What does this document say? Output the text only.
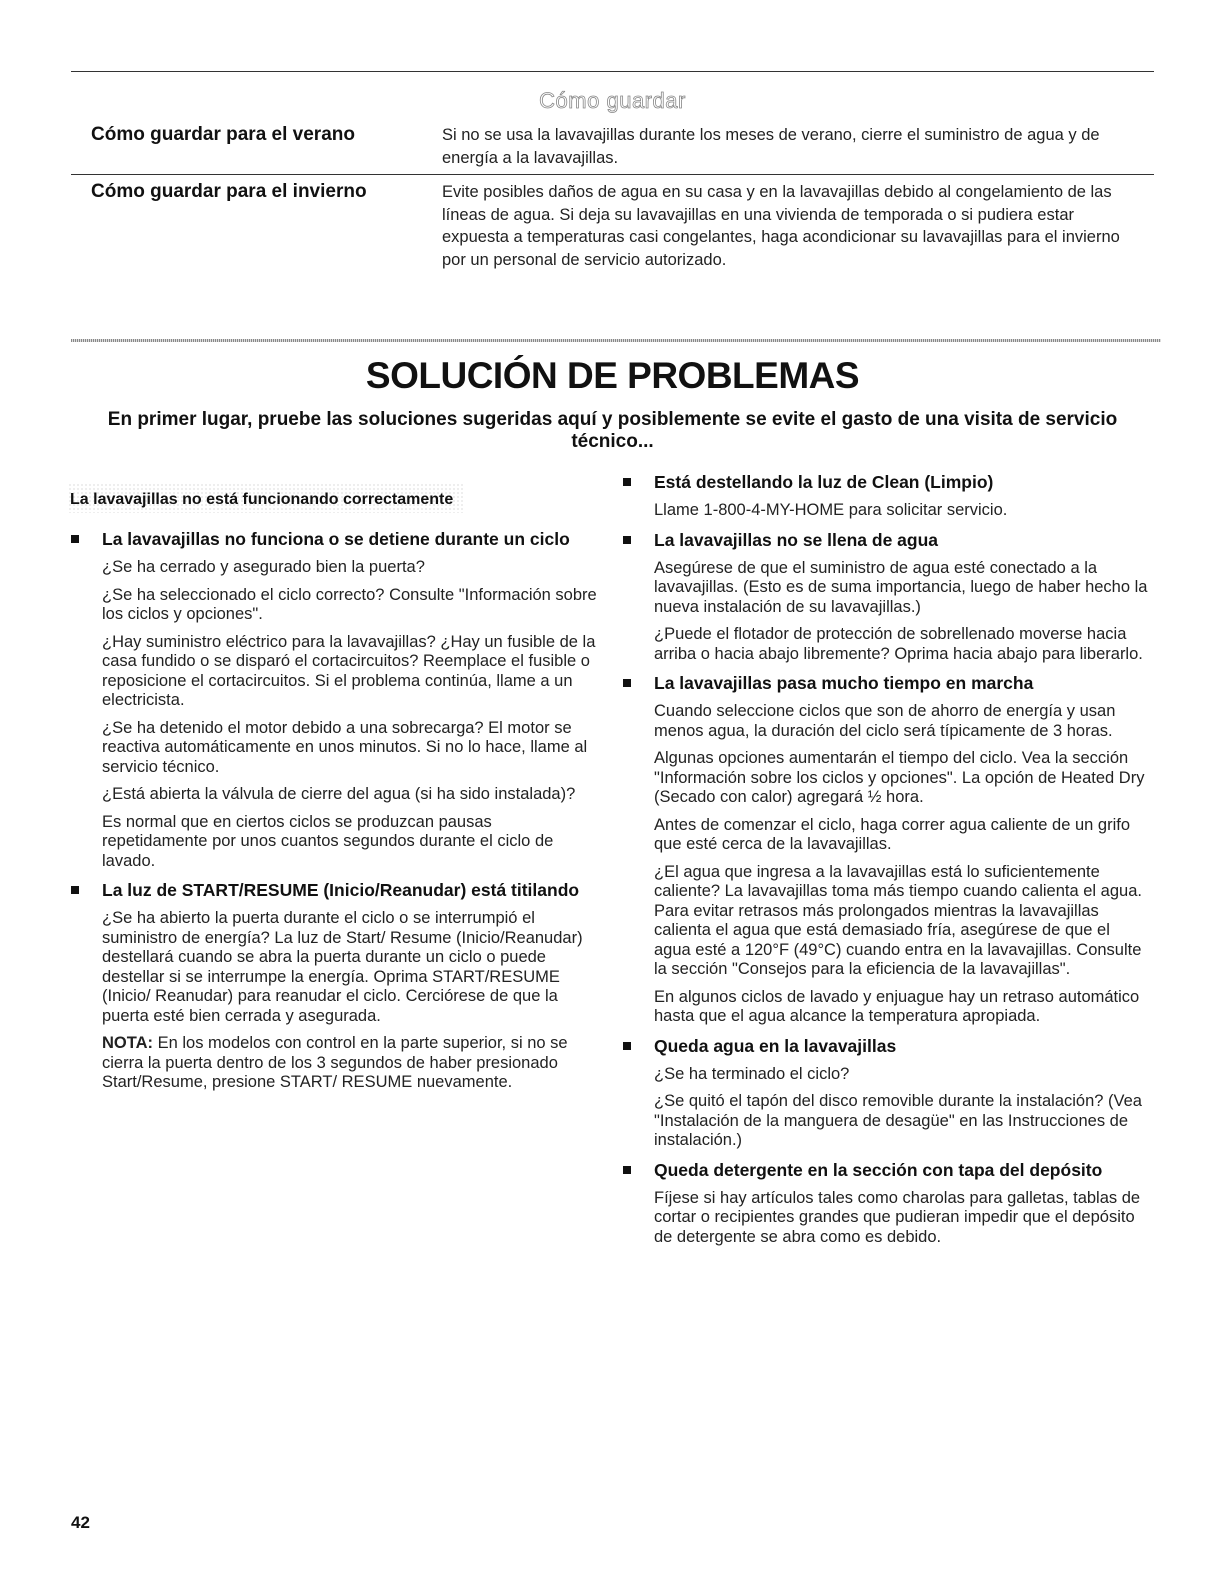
Cómo guardar
Cómo guardar para el verano	Si no se usa la lavavajillas durante los meses de verano, cierre el suministro de agua y de energía a la lavavajillas.
Cómo guardar para el invierno	Evite posibles daños de agua en su casa y en la lavavajillas debido al congelamiento de las líneas de agua. Si deja su lavavajillas en una vivienda de temporada o si pudiera estar expuesta a temperaturas casi congelantes, haga acondicionar su lavavajillas para el invierno por un personal de servicio autorizado.
SOLUCIÓN DE PROBLEMAS
En primer lugar, pruebe las soluciones sugeridas aquí y posiblemente se evite el gasto de una visita de servicio técnico...
La lavavajillas no está funcionando correctamente
La lavavajillas no funciona o se detiene durante un ciclo

¿Se ha cerrado y asegurado bien la puerta?

¿Se ha seleccionado el ciclo correcto? Consulte "Información sobre los ciclos y opciones".

¿Hay suministro eléctrico para la lavavajillas? ¿Hay un fusible de la casa fundido o se disparó el cortacircuitos? Reemplace el fusible o reposicione el cortacircuitos. Si el problema continúa, llame a un electricista.

¿Se ha detenido el motor debido a una sobrecarga? El motor se reactiva automáticamente en unos minutos. Si no lo hace, llame al servicio técnico.

¿Está abierta la válvula de cierre del agua (si ha sido instalada)?

Es normal que en ciertos ciclos se produzcan pausas repetidamente por unos cuantos segundos durante el ciclo de lavado.

La luz de START/RESUME (Inicio/Reanudar) está titilando

¿Se ha abierto la puerta durante el ciclo o se interrumpió el suministro de energía? La luz de Start/ Resume (Inicio/Reanudar) destellará cuando se abra la puerta durante un ciclo o puede destellar si se interrumpe la energía. Oprima START/RESUME (Inicio/ Reanudar) para reanudar el ciclo. Cerciórese de que la puerta esté bien cerrada y asegurada.

NOTA: En los modelos con control en la parte superior, si no se cierra la puerta dentro de los 3 segundos de haber presionado Start/Resume, presione START/ RESUME nuevamente.

Está destellando la luz de Clean (Limpio)

Llame 1-800-4-MY-HOME para solicitar servicio.

La lavavajillas no se llena de agua

Asegúrese de que el suministro de agua esté conectado a la lavavajillas. (Esto es de suma importancia, luego de haber hecho la nueva instalación de su lavavajillas.)

¿Puede el flotador de protección de sobrellenado moverse hacia arriba o hacia abajo libremente? Oprima hacia abajo para liberarlo.

La lavavajillas pasa mucho tiempo en marcha

Cuando seleccione ciclos que son de ahorro de energía y usan menos agua, la duración del ciclo será típicamente de 3 horas.

Algunas opciones aumentarán el tiempo del ciclo. Vea la sección "Información sobre los ciclos y opciones". La opción de Heated Dry (Secado con calor) agregará ½ hora.

Antes de comenzar el ciclo, haga correr agua caliente de un grifo que esté cerca de la lavavajillas.

¿El agua que ingresa a la lavavajillas está lo suficientemente caliente? La lavavajillas toma más tiempo cuando calienta el agua. Para evitar retrasos más prolongados mientras la lavavajillas calienta el agua que está demasiado fría, asegúrese de que el agua esté a 120°F (49°C) cuando entra en la lavavajillas. Consulte la sección "Consejos para la eficiencia de la lavavajillas".

En algunos ciclos de lavado y enjuague hay un retraso automático hasta que el agua alcance la temperatura apropiada.

Queda agua en la lavavajillas

¿Se ha terminado el ciclo?

¿Se quitó el tapón del disco removible durante la instalación? (Vea "Instalación de la manguera de desagüe" en las Instrucciones de instalación.)

Queda detergente en la sección con tapa del depósito

Fíjese si hay artículos tales como charolas para galletas, tablas de cortar o recipientes grandes que pudieran impedir que el depósito de detergente se abra como es debido.

42
